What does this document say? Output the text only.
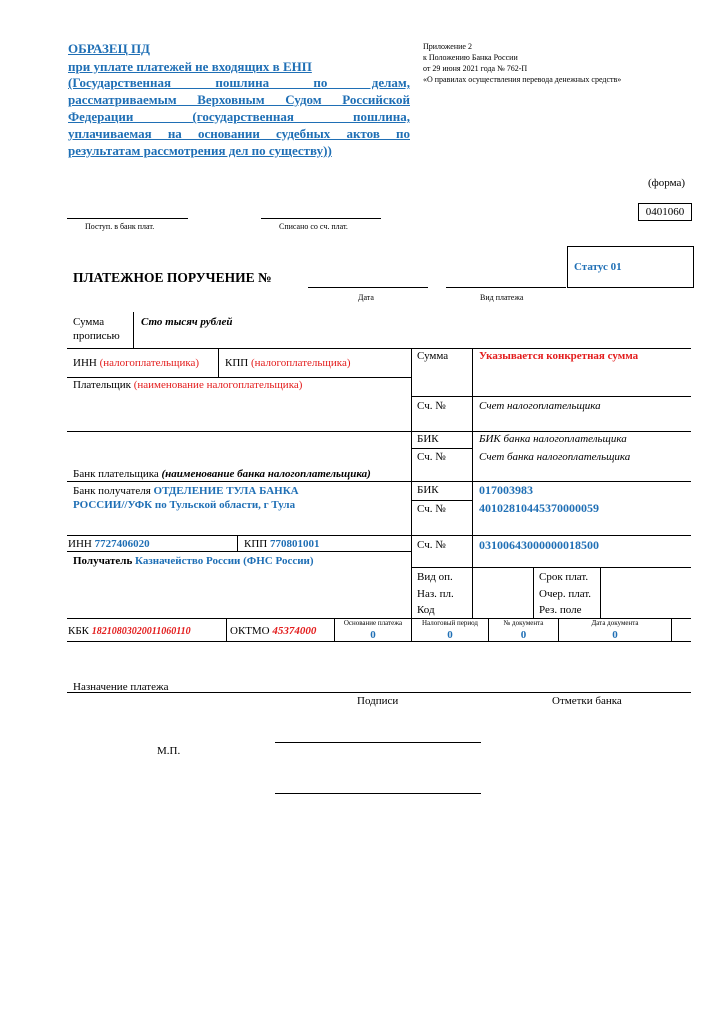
ОБРАЗЕЦ ПД
при уплате платежей не входящих в ЕНП
(Государственная пошлина по делам,
рассматриваемым Верховным Судом Российской
Федерации (государственная пошлина,
уплачиваемая на основании судебных актов по
результатам рассмотрения дел по существу))
Приложение 2
к Положению Банка России
от 29 июня 2021 года № 762-П
«О правилах осуществления перевода денежных средств»
(форма)
0401060
Поступ. в банк плат.	Списано со сч. плат.
Статус 01
ПЛАТЕЖНОЕ ПОРУЧЕНИЕ №
Дата	Вид платежа
Сумма
прописью
Сто тысяч рублей
ИНН (налогоплательщика) КПП (налогоплательщика)
Плательщик (наименование налогоплательщика)
Сумма	Указывается конкретная сумма
Сч. №	Счет налогоплательщика
БИК	БИК банка налогоплательщика
Сч. №	Счет банка налогоплательщика
Банк плательщика (наименование банка налогоплательщика)
Банк получателя ОТДЕЛЕНИЕ ТУЛА БАНКА
РОССИИ//УФК по Тульской области, г Тула
БИК	017003983
Сч. №	40102810445370000059
ИНН 7727406020	КПП 770801001	Сч. №	03100643000000018500
Получатель Казначейство России (ФНС России)
Вид оп.
Наз. пл.
Код
Срок плат.
Очер. плат.
Рез. поле
КБК 18210803020011060110	ОКТМО 45374000
Основание платежа
0
Налоговый период
0
№ документа
0
Дата документа
0
Назначение платежа
Подписи	Отметки банка
М.П.
